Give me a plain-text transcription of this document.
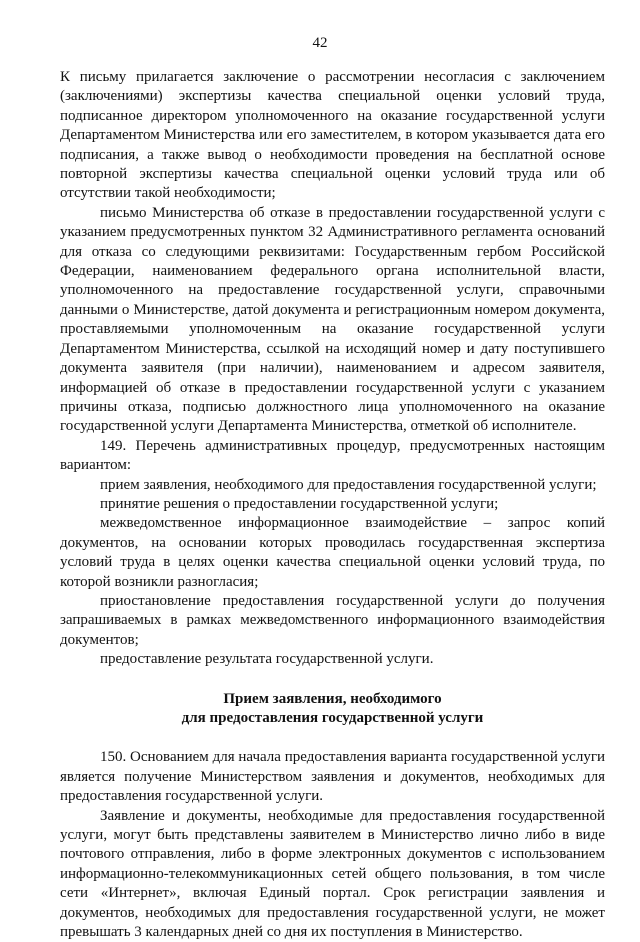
42

К письму прилагается заключение о рассмотрении несогласия с заключением (заключениями) экспертизы качества специальной оценки условий труда, подписанное директором уполномоченного на оказание государственной услуги Департаментом Министерства или его заместителем, в котором указывается дата его подписания, а также вывод о необходимости проведения на бесплатной основе повторной экспертизы качества специальной оценки условий труда или об отсутствии такой необходимости;

письмо Министерства об отказе в предоставлении государственной услуги с указанием предусмотренных пунктом 32 Административного регламента оснований для отказа со следующими реквизитами: Государственным гербом Российской Федерации, наименованием федерального органа исполнительной власти, уполномоченного на предоставление государственной услуги, справочными данными о Министерстве, датой документа и регистрационным номером документа, проставляемыми уполномоченным на оказание государственной услуги Департаментом Министерства, ссылкой на исходящий номер и дату поступившего документа заявителя (при наличии), наименованием и адресом заявителя, информацией об отказе в предоставлении государственной услуги с указанием причины отказа, подписью должностного лица уполномоченного на оказание государственной услуги Департамента Министерства, отметкой об исполнителе.

149. Перечень административных процедур, предусмотренных настоящим вариантом:

прием заявления, необходимого для предоставления государственной услуги;

принятие решения о предоставлении государственной услуги;

межведомственное информационное взаимодействие – запрос копий документов, на основании которых проводилась государственная экспертиза условий труда в целях оценки качества специальной оценки условий труда, по которой возникли разногласия;

приостановление предоставления государственной услуги до получения запрашиваемых в рамках межведомственного информационного взаимодействия документов;

предоставление результата государственной услуги.

Прием заявления, необходимого
для предоставления государственной услуги

150. Основанием для начала предоставления варианта государственной услуги является получение Министерством заявления и документов, необходимых для предоставления государственной услуги.

Заявление и документы, необходимые для предоставления государственной услуги, могут быть представлены заявителем в Министерство лично либо в виде почтового отправления, либо в форме электронных документов с использованием информационно-телекоммуникационных сетей общего пользования, в том числе сети «Интернет», включая Единый портал. Срок регистрации заявления и документов, необходимых для предоставления государственной услуги, не может превышать 3 календарных дней со дня их поступления в Министерство.
